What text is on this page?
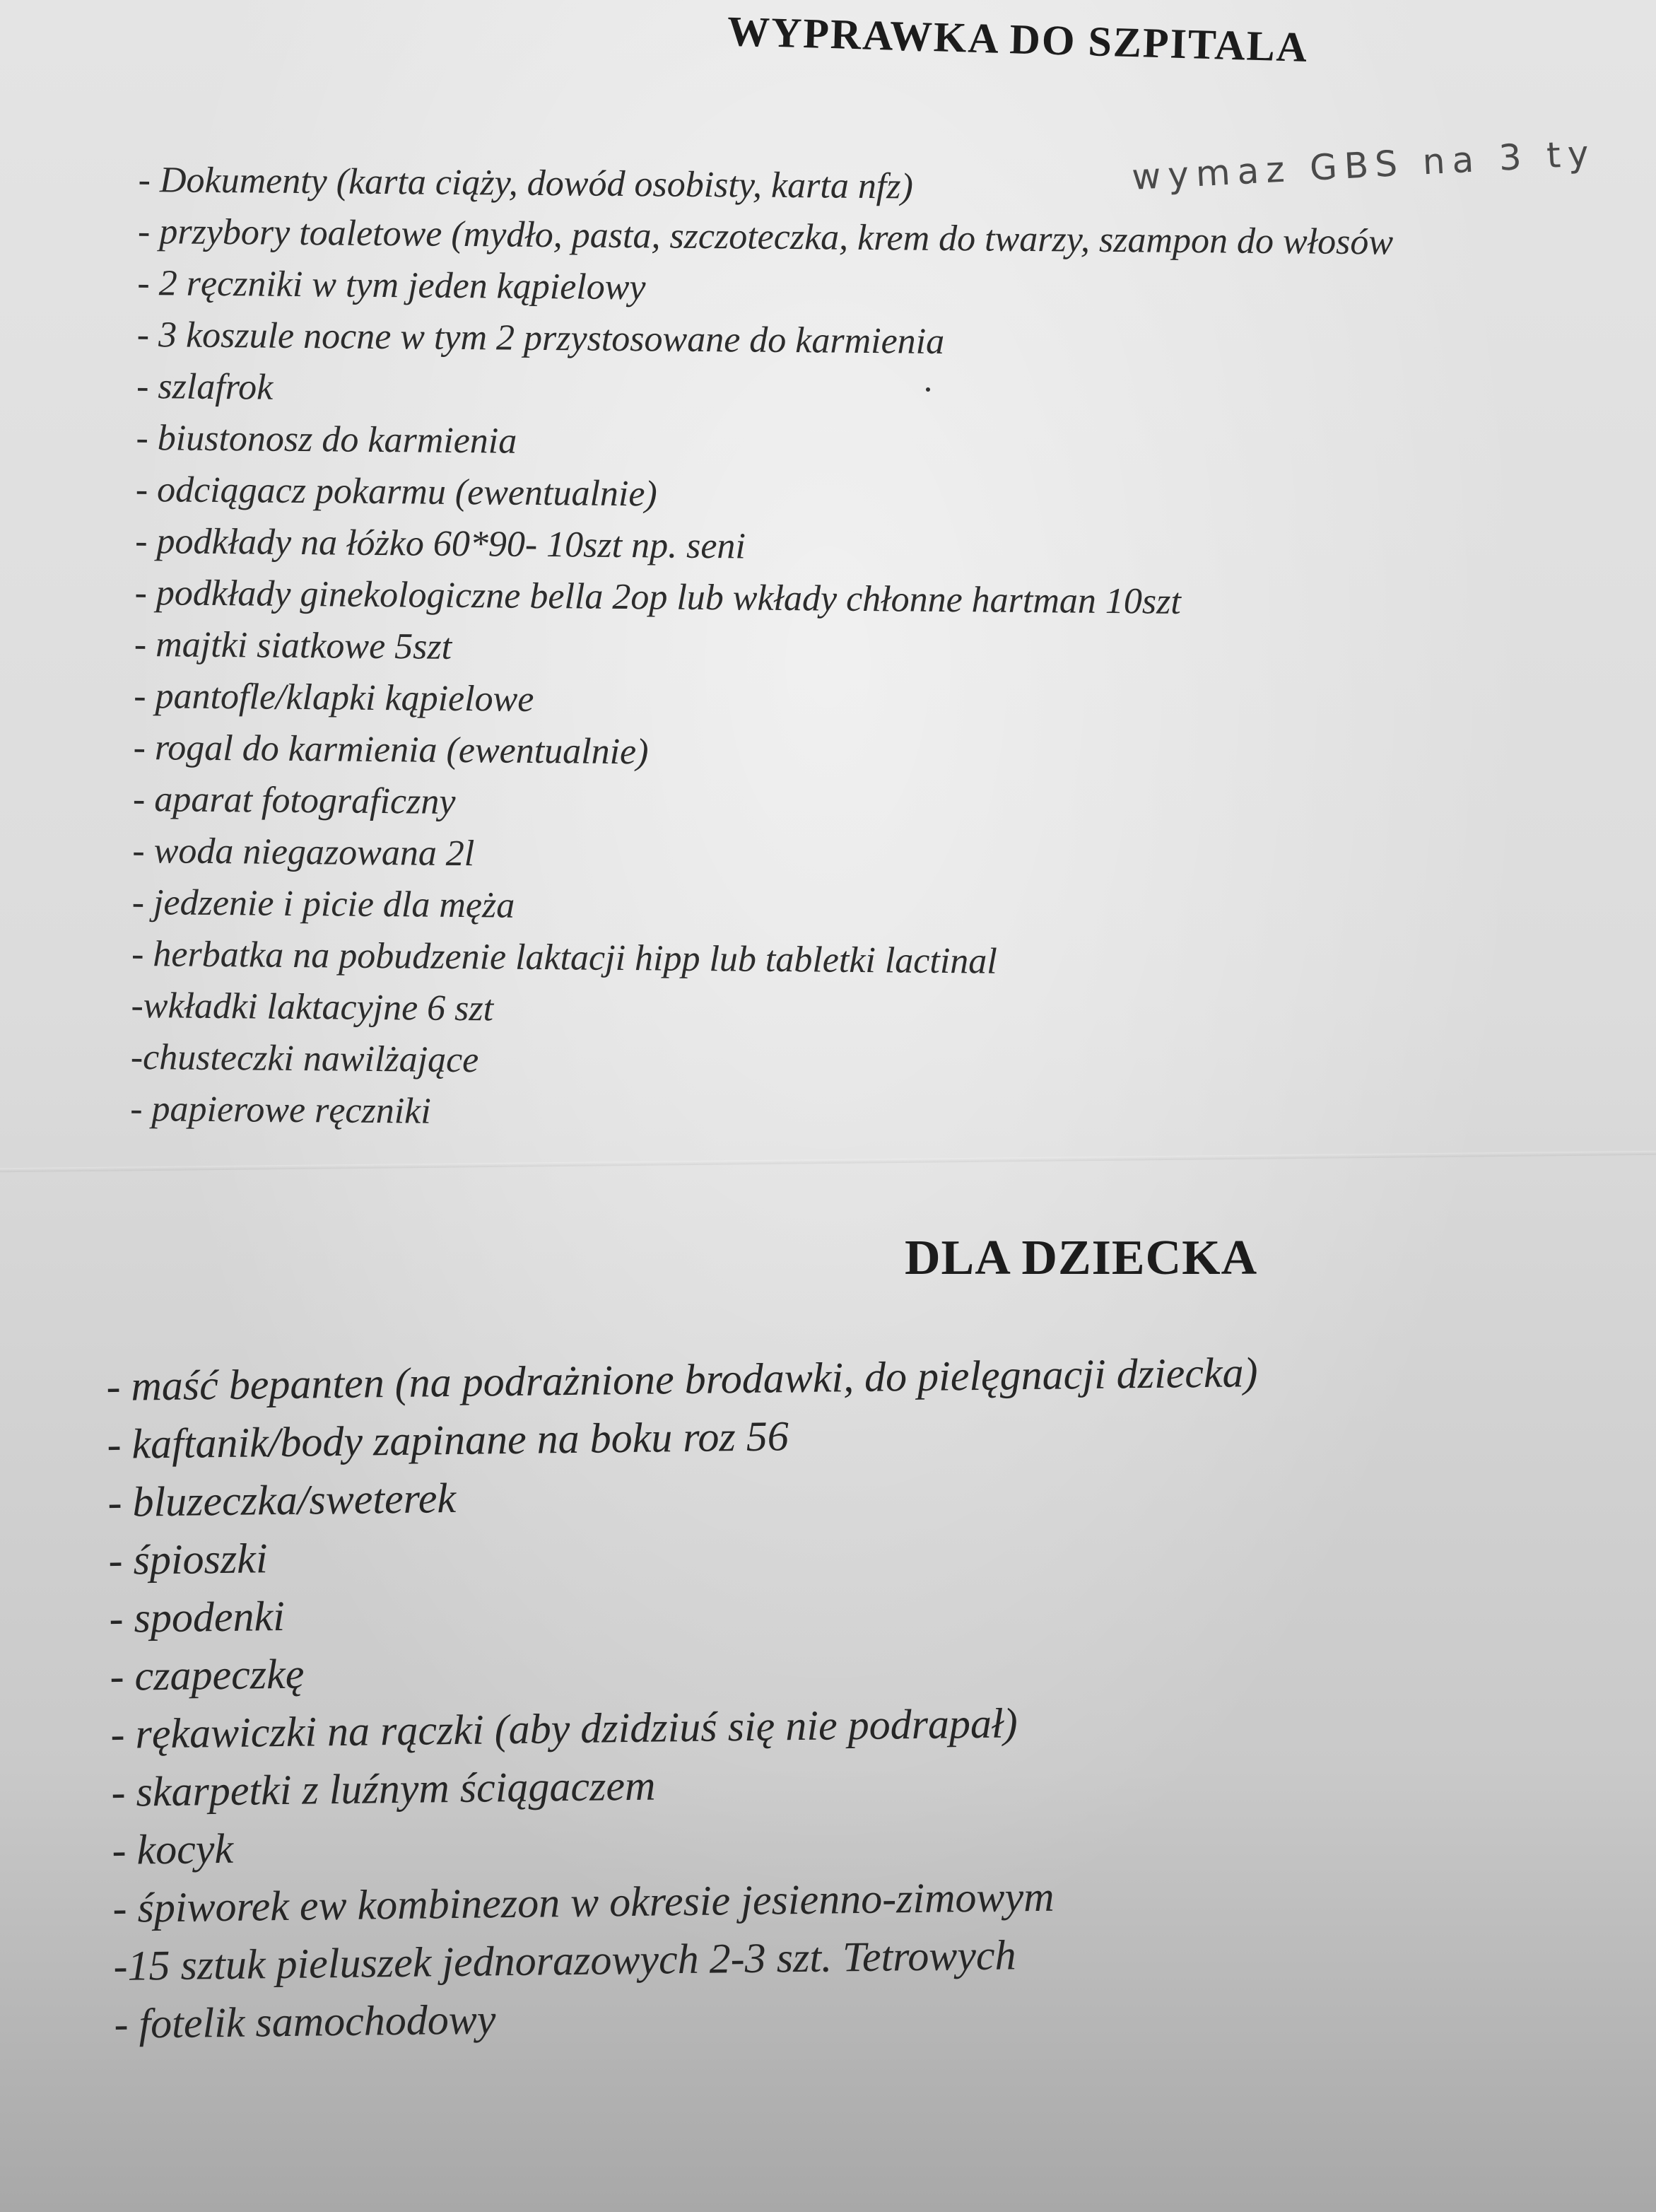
WYPRAWKA DO SZPITALA

wymaz GBS na 3 ty

- Dokumenty (karta ciąży, dowód osobisty, karta nfz)
- przybory toaletowe (mydło, pasta, szczoteczka, krem do twarzy, szampon do włosów
- 2 ręczniki w tym jeden kąpielowy
- 3 koszule nocne w tym 2 przystosowane do karmienia
- szlafrok
- biustonosz do karmienia
- odciągacz pokarmu (ewentualnie)
- podkłady na łóżko 60*90- 10szt np. seni
- podkłady ginekologiczne bella 2op lub wkłady chłonne hartman 10szt
- majtki siatkowe 5szt
- pantofle/klapki kąpielowe
- rogal do karmienia (ewentualnie)
- aparat fotograficzny
- woda niegazowana 2l
- jedzenie i picie dla męża
- herbatka na pobudzenie laktacji hipp lub tabletki lactinal
-wkładki laktacyjne 6 szt
-chusteczki nawilżające
- papierowe ręczniki
DLA DZIECKA
- maść bepanten (na podrażnione brodawki, do pielęgnacji dziecka)
- kaftanik/body zapinane na boku roz 56
- bluzeczka/sweterek
- śpioszki
- spodenki
- czapeczkę
- rękawiczki na rączki (aby dzidziuś się nie podrapał)
- skarpetki z luźnym ściągaczem
- kocyk
- śpiworek ew kombinezon w okresie jesienno-zimowym
-15 sztuk pieluszek jednorazowych 2-3 szt. Tetrowych
- fotelik samochodowy
